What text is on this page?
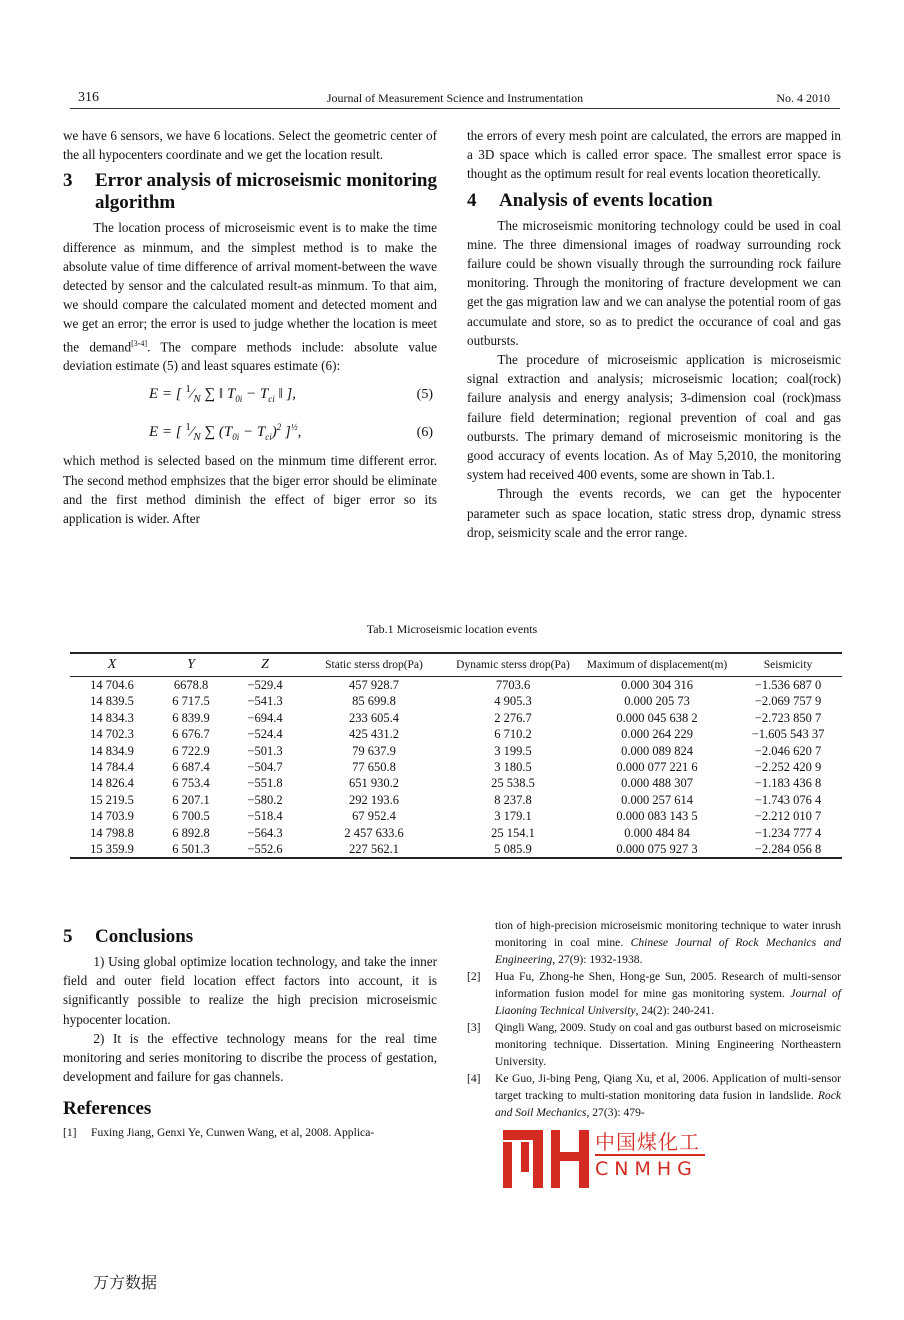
316	Journal of Measurement Science and Instrumentation	No. 4 2010

we have 6 sensors, we have 6 locations. Select the geometric center of the all hypocenters coordinate and we get the location result.

3	Error analysis of microseismic monitoring algorithm

The location process of microseismic event is to make the time difference as minmum, and the simplest method is to make the absolute value of time difference of arrival moment-between the wave detected by sensor and the calculated result-as minmum. To that aim, we should compare the calculated moment and detected moment and we get an error; the error is used to judge whether the location is meet the demand[3-4]. The compare methods include: absolute value deviation estimate (5) and least squares estimate (6):

E = [ $^1⁄_N$ ∑ ‖ $T_{0i} - T_{ci}$ ‖ ],	(5)
E = [ $^1⁄_N$ ∑ $(T_{0i} - T_{ci})^2$ ]$^{\frac{1}{2}}$,	(6)

which method is selected based on the minmum time different error. The second method emphsizes that the biger error should be eliminate and the first method diminish the effect of biger error so its application is wider. After

the errors of every mesh point are calculated, the errors are mapped in a 3D space which is called error space. The smallest error space is thought as the optimum result for real events location theoretically.

4	Analysis of events location

The microseismic monitoring technology could be used in coal mine. The three dimensional images of roadway surrounding rock failure could be shown visually through the surrounding rock failure monitoring. Through the monitoring of fracture development we can get the gas migration law and we can analyse the potential room of gas accumulate and store, so as to predict the occurance of coal and gas outbursts.

The procedure of microseismic application is microseismic signal extraction and analysis; microseismic location; coal(rock) failure analysis and energy analysis; 3-dimension coal (rock)mass failure field determination; regional prevention of coal and gas outbursts. The primary demand of microseismic monitoring is the good accuracy of events location. As of May 5,2010, the monitoring system had received 400 events, some are shown in Tab.1.

Through the events records, we can get the hypocenter parameter such as space location, static stress drop, dynamic stress drop, seismicity scale and the error range.

Tab.1 Microseismic location events
X	Y	Z	Static sterss drop(Pa)	Dynamic sterss drop(Pa)	Maximum of displacement(m)	Seismicity
14 704.6	6678.8	−529.4	457 928.7	7703.6	0.000 304 316	−1.536 687 0
14 839.5	6 717.5	−541.3	85 699.8	4 905.3	0.000 205 73	−2.069 757 9
14 834.3	6 839.9	−694.4	233 605.4	2 276.7	0.000 045 638 2	−2.723 850 7
14 702.3	6 676.7	−524.4	425 431.2	6 710.2	0.000 264 229	−1.605 543 37
14 834.9	6 722.9	−501.3	79 637.9	3 199.5	0.000 089 824	−2.046 620 7
14 784.4	6 687.4	−504.7	77 650.8	3 180.5	0.000 077 221 6	−2.252 420 9
14 826.4	6 753.4	−551.8	651 930.2	25 538.5	0.000 488 307	−1.183 436 8
15 219.5	6 207.1	−580.2	292 193.6	8 237.8	0.000 257 614	−1.743 076 4
14 703.9	6 700.5	−518.4	67 952.4	3 179.1	0.000 083 143 5	−2.212 010 7
14 798.8	6 892.8	−564.3	2 457 633.6	25 154.1	0.000 484 84	−1.234 777 4
15 359.9	6 501.3	−552.6	227 562.1	5 085.9	0.000 075 927 3	−2.284 056 8
5	Conclusions

1) Using global optimize location technology, and take the inner field and outer field location effect factors into account, it is significantly possible to realize the high precision microseismic hypocenter location.

2) It is the effective technology means for the real time monitoring and series monitoring to discribe the process of gestation, development and failure for gas channels.

References
[1]	Fuxing Jiang, Genxi Ye, Cunwen Wang, et al, 2008. Applica-

tion of high-precision microseismic monitoring technique to water inrush monitoring in coal mine. Chinese Journal of Rock Mechanics and Engineering, 27(9): 1932-1938.

[2]	Hua Fu, Zhong-he Shen, Hong-ge Sun, 2005. Research of multi-sensor information fusion model for mine gas monitoring system. Journal of Liaoning Technical University, 24(2): 240-241.
[3]	Qingli Wang, 2009. Study on coal and gas outburst based on microseismic monitoring technique. Dissertation. Mining Engineering Northeastern University.
[4]	Ke Guo, Ji-bing Peng, Qiang Xu, et al, 2006. Application of multi-sensor target tracking to multi-station monitoring data fusion in landslide. Rock and Soil Mechanics, 27(3): 479-
中国煤化工
CNMHG
万方数据
